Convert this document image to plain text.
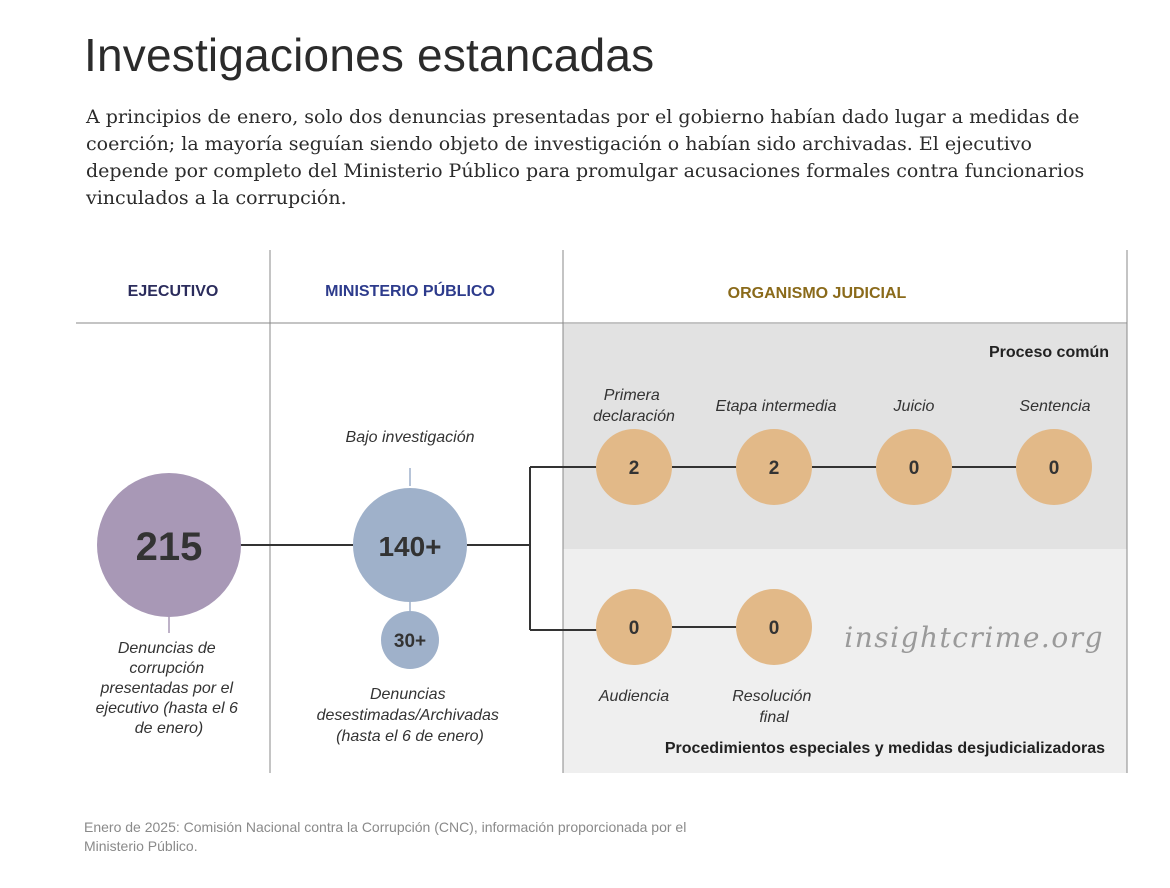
Investigaciones estancadas

A principios de enero, solo dos denuncias presentadas por el gobierno habían dado lugar a medidas de coerción; la mayoría seguían siendo objeto de investigación o habían sido archivadas. El ejecutivo depende por completo del Ministerio Público para promulgar acusaciones formales contra funcionarios vinculados a la corrupción.

EJECUTIVO	MINISTERIO PÚBLICO	ORGANISMO JUDICIAL
215
Denuncias de corrupción presentadas por el ejecutivo (hasta el 6 de enero)
Bajo investigación
140+
30+
Denuncias desestimadas/Archivadas (hasta el 6 de enero)
Proceso común
Primera declaración
Etapa intermedia	Juicio	Sentencia
2	2	0	0
0	0
Audiencia	Resolución final
insightcrime.org
Procedimientos especiales y medidas desjudicializadoras

Enero de 2025: Comisión Nacional contra la Corrupción (CNC), información proporcionada por el Ministerio Público.
